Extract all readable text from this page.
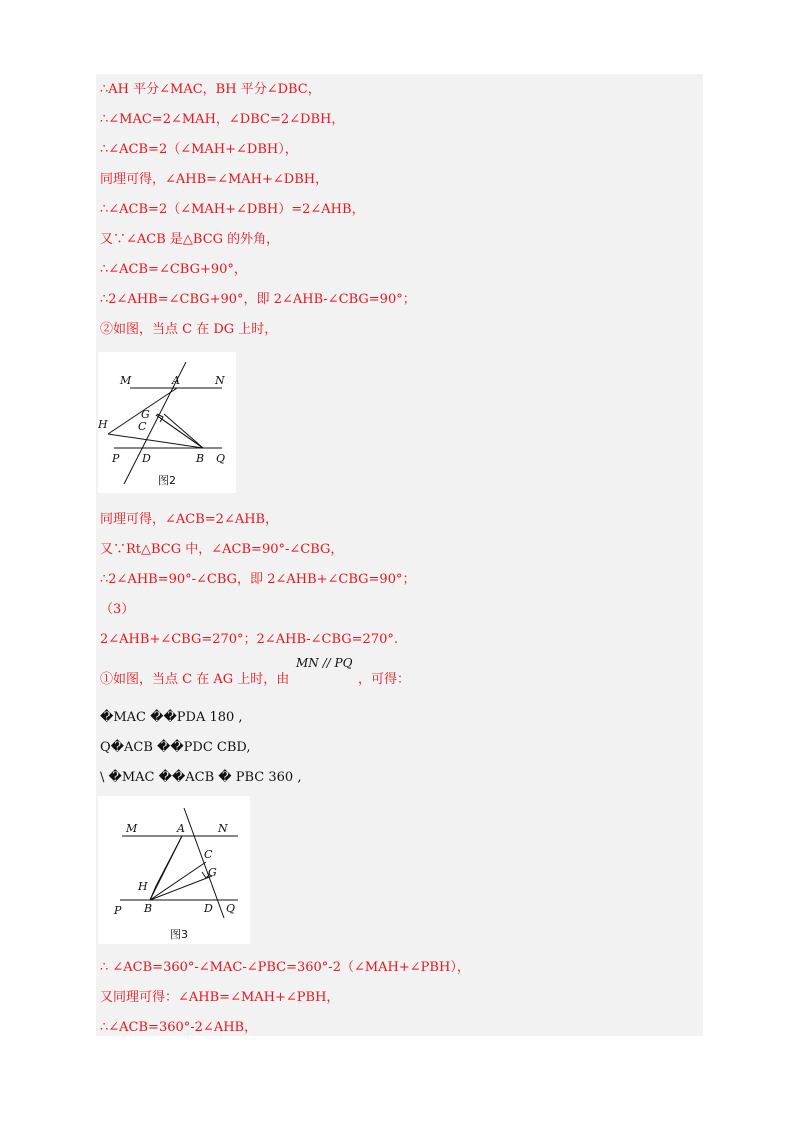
∴AH 平分∠MAC，BH 平分∠DBC，
∴∠MAC=2∠MAH，∠DBC=2∠DBH，
∴∠ACB=2（∠MAH+∠DBH），
同理可得，∠AHB=∠MAH+∠DBH，
∴∠ACB=2（∠MAH+∠DBH）=2∠AHB，
又∵∠ACB 是△BCG 的外角，
∴∠ACB=∠CBG+90°，
∴2∠AHB=∠CBG+90°，即 2∠AHB-∠CBG=90°；
②如图，当点 C 在 DG 上时，
M	A	N
G
C
H
P D	B Q
图2
同理可得，∠ACB=2∠AHB，
又∵Rt△BCG 中，∠ACB=90°-∠CBG，
∴2∠AHB=90°-∠CBG，即 2∠AHB+∠CBG=90°；
（3）
2∠AHB+∠CBG=270°；2∠AHB-∠CBG=270°.
①如图，当点 C 在 AG 上时，由
MN // PQ
，可得：
�MAC ��PDA 180 ,
Q�ACB ��PDC CBD,
\ �MAC ��ACB � PBC 360 ,
M	A	N
C
G
H
P B	D Q
图3
∴ ∠ACB=360°-∠MAC-∠PBC=360°-2（∠MAH+∠PBH），
又同理可得：∠AHB=∠MAH+∠PBH，
∴∠ACB=360°-2∠AHB，
